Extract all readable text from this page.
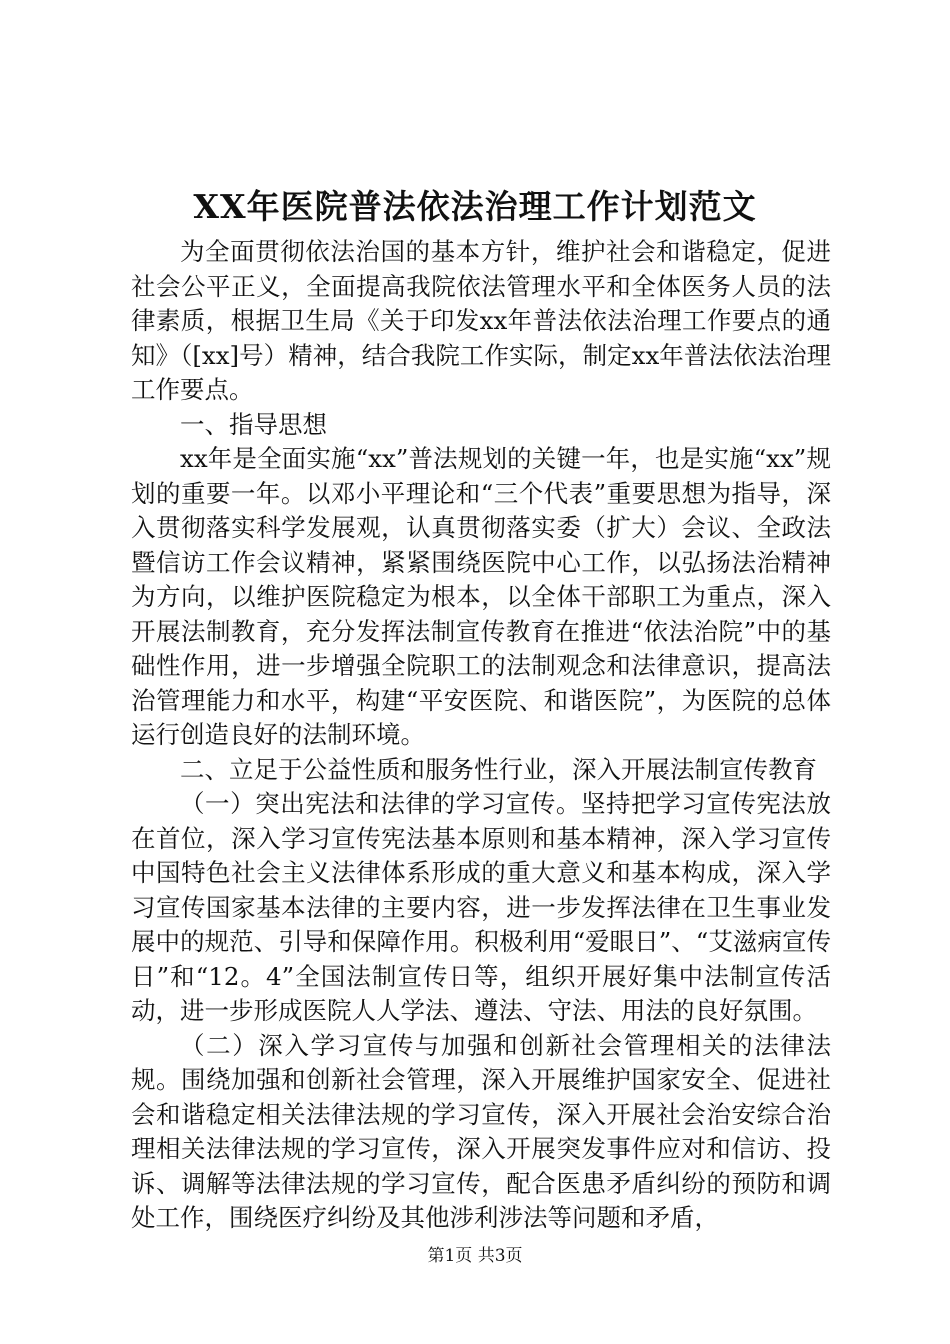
XX年医院普法依法治理工作计划范文

为全面贯彻依法治国的基本方针，维护社会和谐稳定，促进社会公平正义，全面提高我院依法管理水平和全体医务人员的法律素质，根据卫生局《关于印发xx年普法依法治理工作要点的通知》（[xx]号）精神，结合我院工作实际，制定xx年普法依法治理工作要点。

一、指导思想

xx年是全面实施“xx”普法规划的关键一年，也是实施“xx”规划的重要一年。以邓小平理论和“三个代表”重要思想为指导，深入贯彻落实科学发展观，认真贯彻落实委（扩大）会议、全政法暨信访工作会议精神，紧紧围绕医院中心工作，以弘扬法治精神为方向，以维护医院稳定为根本，以全体干部职工为重点，深入开展法制教育，充分发挥法制宣传教育在推进“依法治院”中的基础性作用，进一步增强全院职工的法制观念和法律意识，提高法治管理能力和水平，构建“平安医院、和谐医院”，为医院的总体运行创造良好的法制环境。

二、立足于公益性质和服务性行业，深入开展法制宣传教育

（一）突出宪法和法律的学习宣传。坚持把学习宣传宪法放在首位，深入学习宣传宪法基本原则和基本精神，深入学习宣传中国特色社会主义法律体系形成的重大意义和基本构成，深入学习宣传国家基本法律的主要内容，进一步发挥法律在卫生事业发展中的规范、引导和保障作用。积极利用“爱眼日”、“艾滋病宣传日”和“12。4”全国法制宣传日等，组织开展好集中法制宣传活动，进一步形成医院人人学法、遵法、守法、用法的良好氛围。

（二）深入学习宣传与加强和创新社会管理相关的法律法规。围绕加强和创新社会管理，深入开展维护国家安全、促进社会和谐稳定相关法律法规的学习宣传，深入开展社会治安综合治理相关法律法规的学习宣传，深入开展突发事件应对和信访、投诉、调解等法律法规的学习宣传，配合医患矛盾纠纷的预防和调处工作，围绕医疗纠纷及其他涉利涉法等问题和矛盾，

第1页 共3页
